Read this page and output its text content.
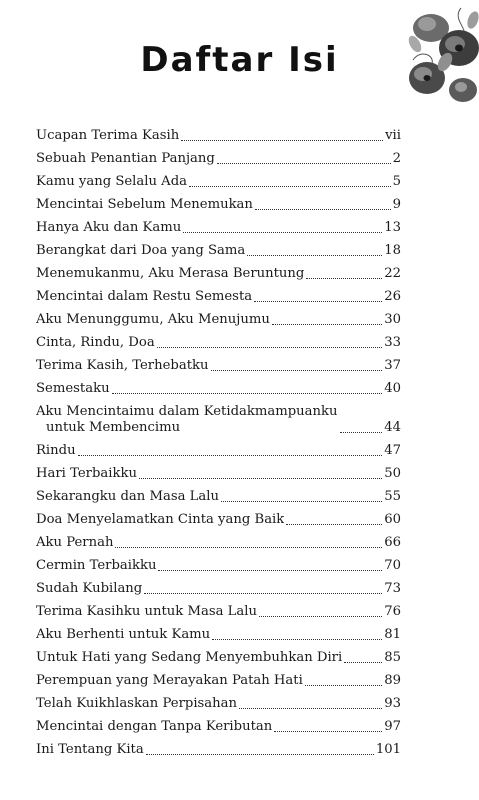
Daftar Isi
Ucapan Terima Kasih	vii
Sebuah Penantian Panjang	2
Kamu yang Selalu Ada	5
Mencintai Sebelum Menemukan	9
Hanya Aku dan Kamu	13
Berangkat dari Doa yang Sama	18
Menemukanmu, Aku Merasa Beruntung	22
Mencintai dalam Restu Semesta	26
Aku Menunggumu, Aku Menujumu	30
Cinta, Rindu, Doa	33
Terima Kasih, Terhebatku	37
Semestaku	40
Aku Mencintaimu dalam Ketidakmampuanku
untuk Membencimu	44
Rindu	47
Hari Terbaikku	50
Sekarangku dan Masa Lalu	55
Doa Menyelamatkan Cinta yang Baik	60
Aku Pernah	66
Cermin Terbaikku	70
Sudah Kubilang	73
Terima Kasihku untuk Masa Lalu	76
Aku Berhenti untuk Kamu	81
Untuk Hati yang Sedang Menyembuhkan Diri	85
Perempuan yang Merayakan Patah Hati	89
Telah Kuikhlaskan Perpisahan	93
Mencintai dengan Tanpa Keributan	97
Ini Tentang Kita	101
